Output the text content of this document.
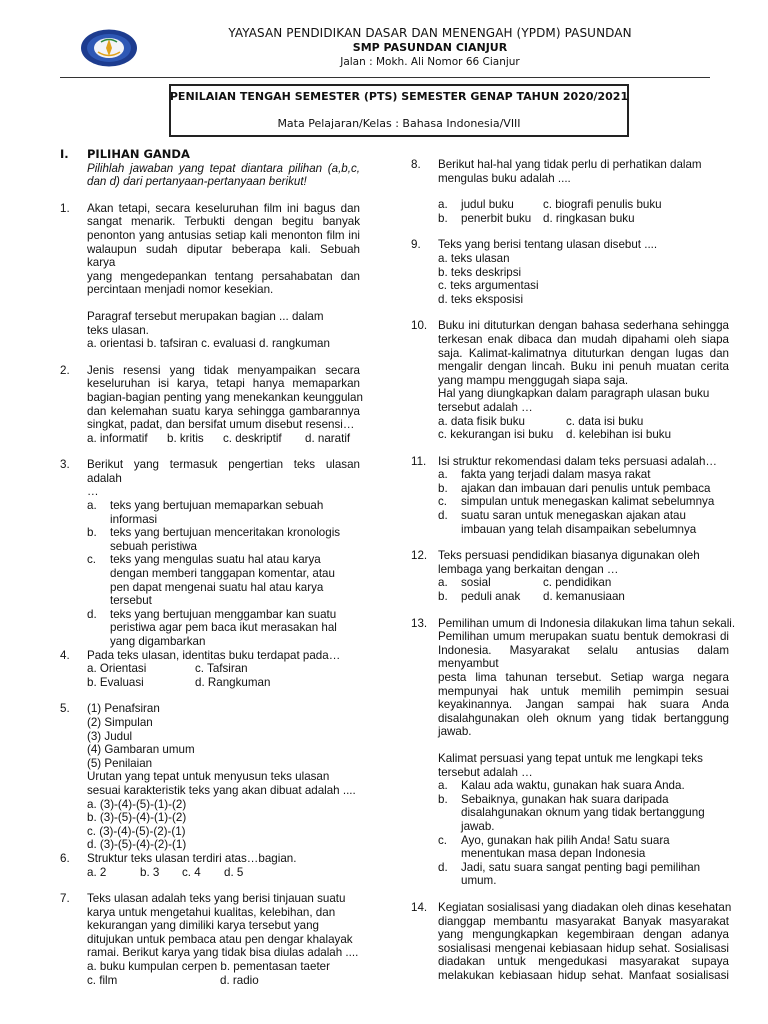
YAYASAN PENDIDIKAN DASAR DAN MENENGAH (YPDM) PASUNDAN
SMP PASUNDAN CIANJUR
Jalan : Mokh. Ali Nomor 66 Cianjur
PENILAIAN TENGAH SEMESTER (PTS) SEMESTER GENAP TAHUN 2020/2021
Mata Pelajaran/Kelas : Bahasa Indonesia/VIII
I. PILIHAN GANDA
Pilihlah jawaban yang tepat diantara pilihan (a,b,c,
dan d) dari pertanyaan-pertanyaan berikut!
1. Akan tetapi, secara keseluruhan film ini bagus dan
sangat menarik. Terbukti dengan begitu banyak
penonton yang antusias setiap kali menonton film ini
walaupun sudah diputar beberapa kali. Sebuah karya
yang mengedepankan tentang persahabatan dan
percintaan menjadi nomor kesekian.
Paragraf tersebut merupakan bagian ... dalam
teks ulasan.
a. orientasi b. tafsiran c. evaluasi d. rangkuman
2. Jenis resensi yang tidak menyampaikan secara
keseluruhan isi karya, tetapi hanya memaparkan
bagian-bagian penting yang menekankan keunggulan
dan kelemahan suatu karya sehingga gambarannya
singkat, padat, dan bersifat umum disebut resensi…
a. informatif b. kritis c. deskriptif d. naratif
3. Berikut yang termasuk pengertian teks ulasan adalah
…
a. teks yang bertujuan memaparkan sebuah
informasi
b. teks yang bertujuan menceritakan kronologis
sebuah peristiwa
c. teks yang mengulas suatu hal atau karya
dengan memberi tanggapan komentar, atau
pen dapat mengenai suatu hal atau karya
tersebut
d. teks yang bertujuan menggambar kan suatu
peristiwa agar pem baca ikut merasakan hal
yang digambarkan
4. Pada teks ulasan, identitas buku terdapat pada…
a. Orientasi	c. Tafsiran
b. Evaluasi	d. Rangkuman
5. (1) Penafsiran
(2) Simpulan
(3) Judul
(4) Gambaran umum
(5) Penilaian
Urutan yang tepat untuk menyusun teks ulasan
sesuai karakteristik teks yang akan dibuat adalah ....
a. (3)-(4)-(5)-(1)-(2)
b. (3)-(5)-(4)-(1)-(2)
c. (3)-(4)-(5)-(2)-(1)
d. (3)-(5)-(4)-(2)-(1)
6. Struktur teks ulasan terdiri atas…bagian.
a. 2	b. 3 c. 4 d. 5
7. Teks ulasan adalah teks yang berisi tinjauan suatu
karya untuk mengetahui kualitas, kelebihan, dan
kekurangan yang dimiliki karya tersebut yang
ditujukan untuk pembaca atau pen dengar khalayak
ramai. Berikut karya yang tidak bisa diulas adalah ....
a. buku kumpulan cerpen b. pementasan taeter
c. film	d. radio
8. Berikut hal-hal yang tidak perlu di perhatikan dalam
mengulas buku adalah ....
a. judul buku	c. biografi penulis buku
b. penerbit buku d. ringkasan buku
9. Teks yang berisi tentang ulasan disebut ....
a. teks ulasan
b. teks deskripsi
c. teks argumentasi
d. teks eksposisi
10. Buku ini dituturkan dengan bahasa sederhana sehingga
terkesan enak dibaca dan mudah dipahami oleh siapa
saja. Kalimat-kalimatnya dituturkan dengan lugas dan
mengalir dengan lincah. Buku ini penuh muatan cerita
yang mampu menggugah siapa saja.
Hal yang diungkapkan dalam paragraph ulasan buku
tersebut adalah …
a. data fisik buku	c. data isi buku
c. kekurangan isi buku d. kelebihan isi buku
11. Isi struktur rekomendasi dalam teks persuasi adalah…
a. fakta yang terjadi dalam masya rakat
b. ajakan dan imbauan dari penulis untuk pembaca
c. simpulan untuk menegaskan kalimat sebelumnya
d. suatu saran untuk menegaskan ajakan atau
imbauan yang telah disampaikan sebelumnya
12. Teks persuasi pendidikan biasanya digunakan oleh
lembaga yang berkaitan dengan …
a. sosial	c. pendidikan
b. peduli anak d. kemanusiaan
13. Pemilihan umum di Indonesia dilakukan lima tahun sekali.
Pemilihan umum merupakan suatu bentuk demokrasi di
Indonesia. Masyarakat selalu antusias dalam menyambut
pesta lima tahunan tersebut. Setiap warga negara
mempunyai hak untuk memilih pemimpin sesuai
keyakinannya. Jangan sampai hak suara Anda
disalahgunakan oleh oknum yang tidak bertanggung
jawab.
Kalimat persuasi yang tepat untuk me lengkapi teks
tersebut adalah …
a. Kalau ada waktu, gunakan hak suara Anda.
b. Sebaiknya, gunakan hak suara daripada
disalahgunakan oknum yang tidak bertanggung
jawab.
c. Ayo, gunakan hak pilih Anda! Satu suara
menentukan masa depan Indonesia
d. Jadi, satu suara sangat penting bagi pemilihan
umum.
14. Kegiatan sosialisasi yang diadakan oleh dinas kesehatan
dianggap membantu masyarakat Banyak masyarakat
yang mengungkapkan kegembiraan dengan adanya
sosialisasi mengenai kebiasaan hidup sehat. Sosialisasi
diadakan untuk mengedukasi masyarakat supaya
melakukan kebiasaan hidup sehat. Manfaat sosialisasi
